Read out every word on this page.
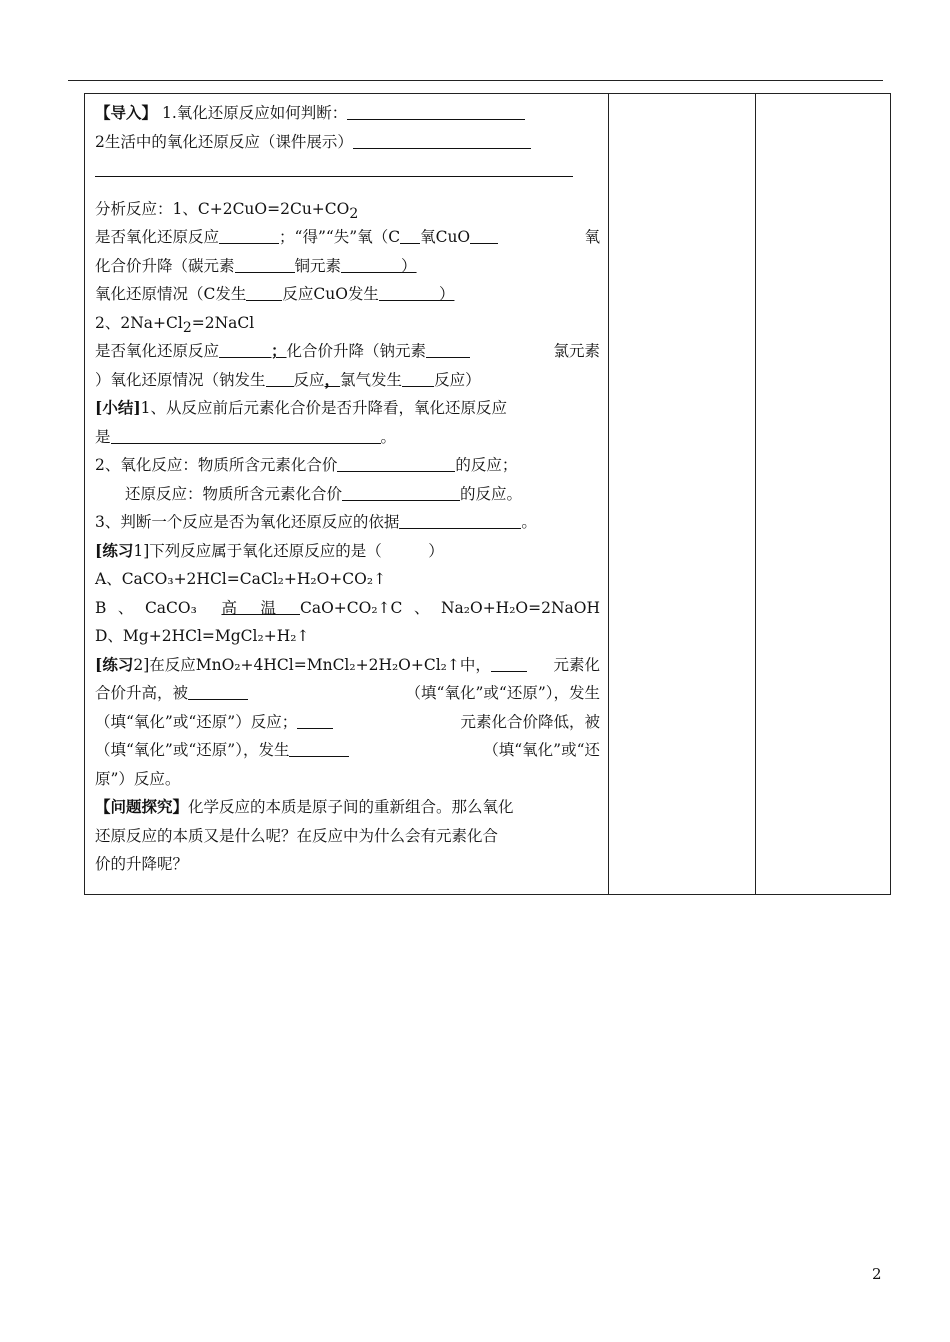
【导入】 1.氧化还原反应如何判断：
2生活中的氧化还原反应（课件展示）
分析反应：1、$C+2CuO=2Cu+CO_2$
是否氧化还原反应	；“得”“失”氧（C 氧CuO	氧
化合价升降（碳元素	铜元素	）
氧化还原情况（C发生 反应CuO发生	）
2、$2Na+Cl_2=2NaCl$
是否氧化还原反应	；化合价升降（钠元素	氯元素
）氧化还原情况（钠发生 反应，氯气发生 反应）
[小结]1、从反应前后元素化合价是否升降看，氧化还原反应
是	。
2、氧化反应：物质所含元素化合价	的反应；
还原反应：物质所含元素化合价	的反应。
3、判断一个反应是否为氧化还原反应的依据	。
[练习1]下列反应属于氧化还原反应的是（　　　）
A、CaCO₃+2HCl=CaCl₂+H₂O+CO₂↑
B 、 CaCO₃ 高　温 CaO+CO₂↑C 、 Na₂O+H₂O=2NaOH
D、Mg+2HCl=MgCl₂+H₂↑
[练习2]在反应MnO₂+4HCl=MnCl₂+2H₂O+Cl₂↑中，	元素化
合价升高，被	（填“氧化”或“还原”），发生
（填“氧化”或“还原”）反应；	元素化合价降低，被
（填“氧化”或“还原”），发生	（填“氧化”或“还
原”）反应。
【问题探究】化学反应的本质是原子间的重新组合。那么氧化
还原反应的本质又是什么呢？在反应中为什么会有元素化合
价的升降呢？
2
